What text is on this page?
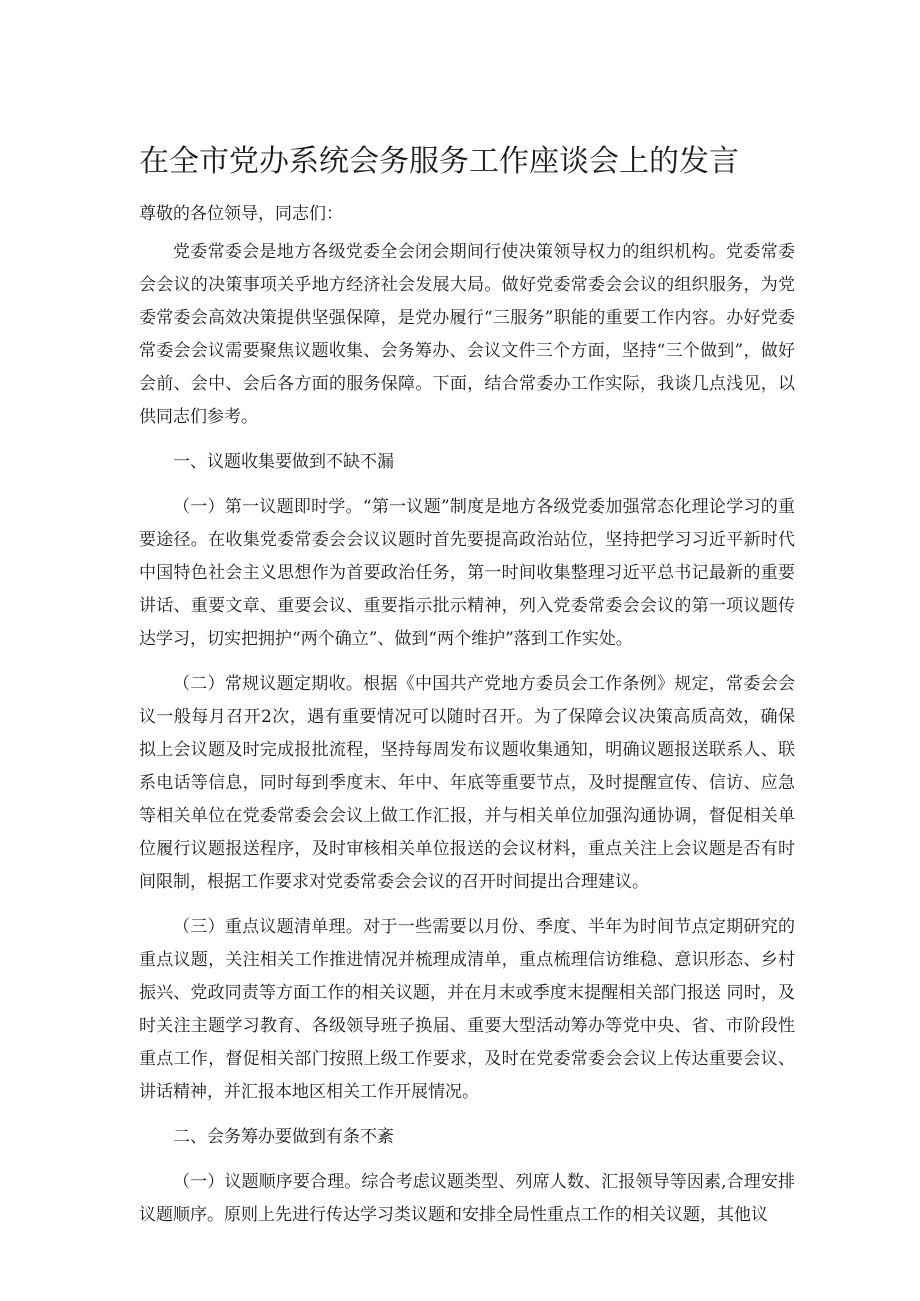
在全市党办系统会务服务工作座谈会上的发言

尊敬的各位领导，同志们：

党委常委会是地方各级党委全会闭会期间行使决策领导权力的组织机构。党委常委会会议的决策事项关乎地方经济社会发展大局。做好党委常委会会议的组织服务，为党委常委会高效决策提供坚强保障，是党办履行“三服务”职能的重要工作内容。办好党委常委会会议需要聚焦议题收集、会务筹办、会议文件三个方面，坚持“三个做到”，做好会前、会中、会后各方面的服务保障。下面，结合常委办工作实际，我谈几点浅见，以供同志们参考。

一、议题收集要做到不缺不漏

（一）第一议题即时学。“第一议题”制度是地方各级党委加强常态化理论学习的重要途径。在收集党委常委会会议议题时首先要提高政治站位，坚持把学习习近平新时代中国特色社会主义思想作为首要政治任务，第一时间收集整理习近平总书记最新的重要讲话、重要文章、重要会议、重要指示批示精神，列入党委常委会会议的第一项议题传达学习，切实把拥护“两个确立”、做到“两个维护”落到工作实处。

（二）常规议题定期收。根据《中国共产党地方委员会工作条例》规定，常委会会议一般每月召开2次，遇有重要情况可以随时召开。为了保障会议决策高质高效，确保拟上会议题及时完成报批流程，坚持每周发布议题收集通知，明确议题报送联系人、联系电话等信息，同时每到季度末、年中、年底等重要节点，及时提醒宣传、信访、应急等相关单位在党委常委会会议上做工作汇报，并与相关单位加强沟通协调，督促相关单位履行议题报送程序，及时审核相关单位报送的会议材料，重点关注上会议题是否有时间限制，根据工作要求对党委常委会会议的召开时间提出合理建议。

（三）重点议题清单理。对于一些需要以月份、季度、半年为时间节点定期研究的重点议题，关注相关工作推进情况并梳理成清单，重点梳理信访维稳、意识形态、乡村振兴、党政同责等方面工作的相关议题，并在月末或季度末提醒相关部门报送 同时，及时关注主题学习教育、各级领导班子换届、重要大型活动筹办等党中央、省、市阶段性重点工作，督促相关部门按照上级工作要求，及时在党委常委会会议上传达重要会议、讲话精神，并汇报本地区相关工作开展情况。

二、会务筹办要做到有条不紊

（一）议题顺序要合理。综合考虑议题类型、列席人数、汇报领导等因素,合理安排议题顺序。原则上先进行传达学习类议题和安排全局性重点工作的相关议题，其他议
